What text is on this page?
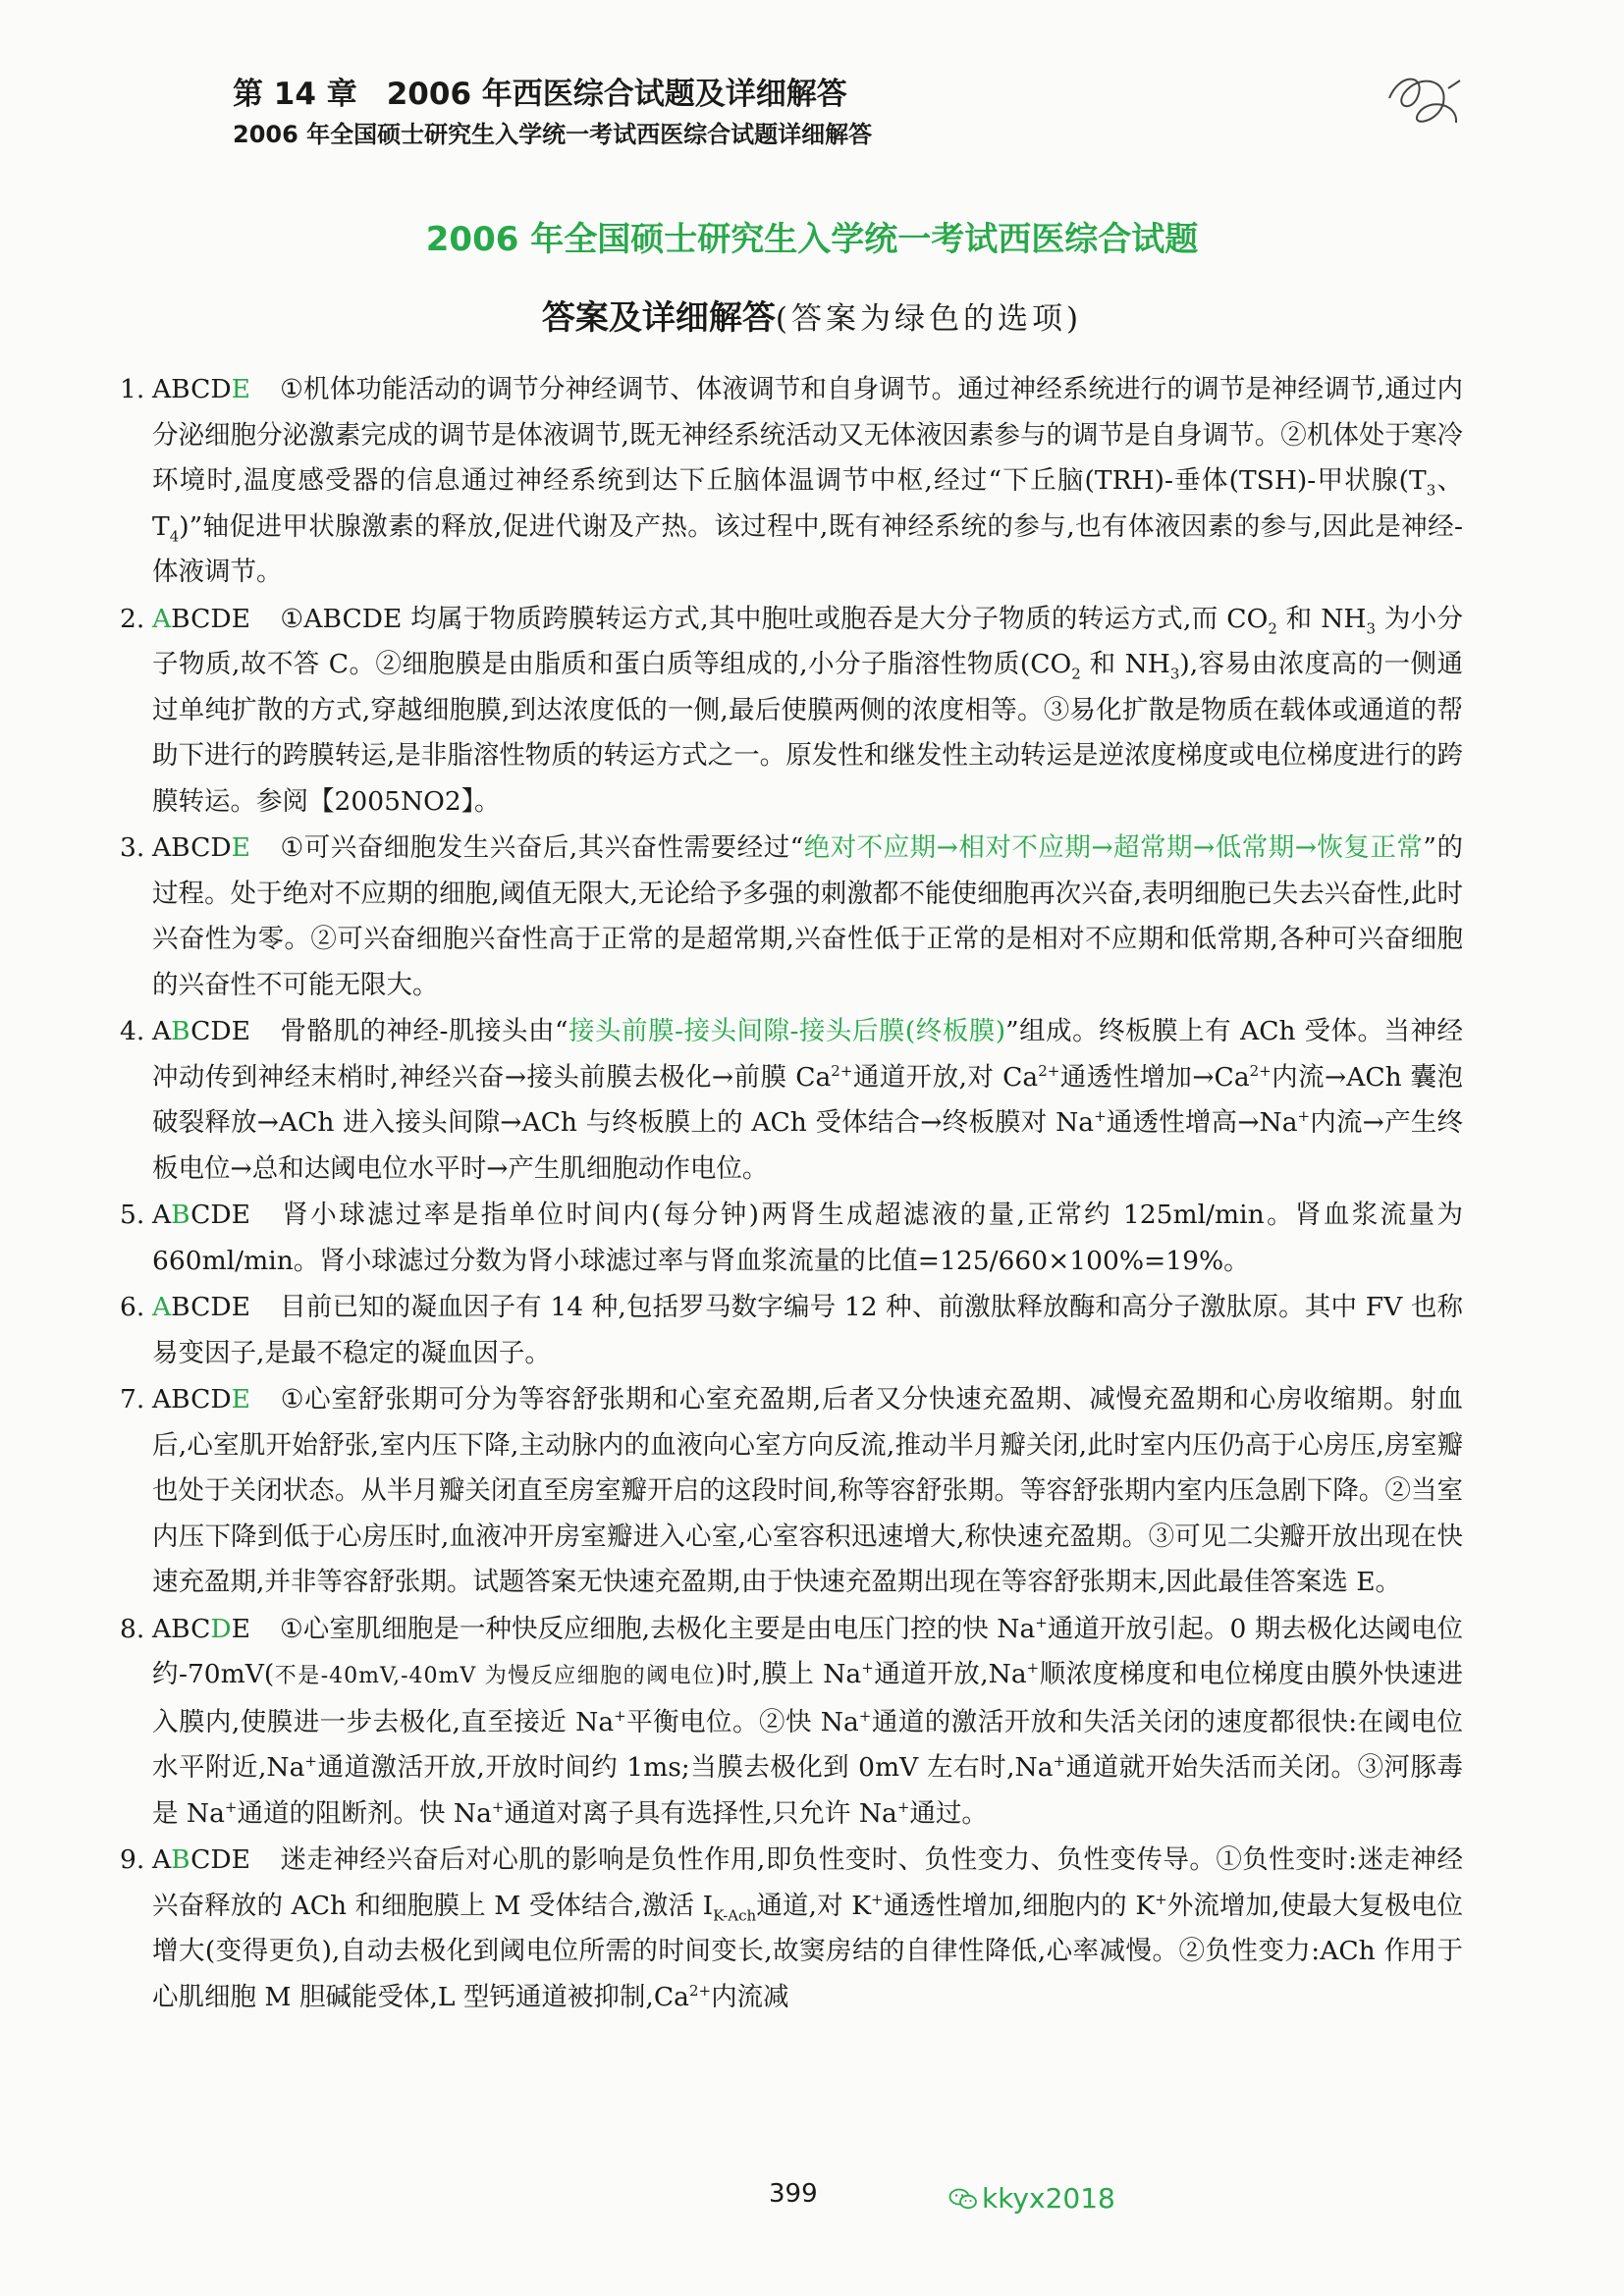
第 14 章 2006 年西医综合试题及详细解答
2006 年全国硕士研究生入学统一考试西医综合试题详细解答
2006 年全国硕士研究生入学统一考试西医综合试题
答案及详细解答(答案为绿色的选项)
1. ABCDE ①机体功能活动的调节分神经调节、体液调节和自身调节。通过神经系统进行的调节是神经调节,通过内分泌细胞分泌激素完成的调节是体液调节,既无神经系统活动又无体液因素参与的调节是自身调节。②机体处于寒冷环境时,温度感受器的信息通过神经系统到达下丘脑体温调节中枢,经过“下丘脑(TRH)-垂体(TSH)-甲状腺($T_3$、$T_4$)”轴促进甲状腺激素的释放,促进代谢及产热。该过程中,既有神经系统的参与,也有体液因素的参与,因此是神经-体液调节。
2. ABCDE ①ABCDE 均属于物质跨膜转运方式,其中胞吐或胞吞是大分子物质的转运方式,而 $CO_2$ 和 $NH_3$ 为小分子物质,故不答 C。②细胞膜是由脂质和蛋白质等组成的,小分子脂溶性物质($CO_2$ 和 $NH_3$),容易由浓度高的一侧通过单纯扩散的方式,穿越细胞膜,到达浓度低的一侧,最后使膜两侧的浓度相等。③易化扩散是物质在载体或通道的帮助下进行的跨膜转运,是非脂溶性物质的转运方式之一。原发性和继发性主动转运是逆浓度梯度或电位梯度进行的跨膜转运。参阅【2005NO2】。
3. ABCDE ①可兴奋细胞发生兴奋后,其兴奋性需要经过“绝对不应期→相对不应期→超常期→低常期→恢复正常”的过程。处于绝对不应期的细胞,阈值无限大,无论给予多强的刺激都不能使细胞再次兴奋,表明细胞已失去兴奋性,此时兴奋性为零。②可兴奋细胞兴奋性高于正常的是超常期,兴奋性低于正常的是相对不应期和低常期,各种可兴奋细胞的兴奋性不可能无限大。
4. ABCDE 骨骼肌的神经-肌接头由“接头前膜-接头间隙-接头后膜(终板膜)”组成。终板膜上有 ACh 受体。当神经冲动传到神经末梢时,神经兴奋→接头前膜去极化→前膜 $Ca^{2+}$通道开放,对 $Ca^{2+}$通透性增加$\to Ca^{2+}$内流→ACh 囊泡破裂释放→ACh 进入接头间隙→ACh 与终板膜上的 ACh 受体结合→终板膜对 Na+通透性增高→Na+内流→产生终板电位→总和达阈电位水平时→产生肌细胞动作电位。
5. ABCDE 肾小球滤过率是指单位时间内(每分钟)两肾生成超滤液的量,正常约 125ml/min。肾血浆流量为 660ml/min。肾小球滤过分数为肾小球滤过率与肾血浆流量的比值=125/660×100%=19%。
6. ABCDE 目前已知的凝血因子有 14 种,包括罗马数字编号 12 种、前激肽释放酶和高分子激肽原。其中 FV 也称易变因子,是最不稳定的凝血因子。
7. ABCDE ①心室舒张期可分为等容舒张期和心室充盈期,后者又分快速充盈期、减慢充盈期和心房收缩期。射血后,心室肌开始舒张,室内压下降,主动脉内的血液向心室方向反流,推动半月瓣关闭,此时室内压仍高于心房压,房室瓣也处于关闭状态。从半月瓣关闭直至房室瓣开启的这段时间,称等容舒张期。等容舒张期内室内压急剧下降。②当室内压下降到低于心房压时,血液冲开房室瓣进入心室,心室容积迅速增大,称快速充盈期。③可见二尖瓣开放出现在快速充盈期,并非等容舒张期。试题答案无快速充盈期,由于快速充盈期出现在等容舒张期末,因此最佳答案选 E。
8. ABCDE ①心室肌细胞是一种快反应细胞,去极化主要是由电压门控的快 Na+通道开放引起。0 期去极化达阈电位约-70mV(不是-40mV,-40mV 为慢反应细胞的阈电位)时,膜上 Na+通道开放,Na+顺浓度梯度和电位梯度由膜外快速进入膜内,使膜进一步去极化,直至接近 Na+平衡电位。②快 Na+通道的激活开放和失活关闭的速度都很快:在阈电位水平附近,Na+通道激活开放,开放时间约 1ms;当膜去极化到 0mV 左右时,Na+通道就开始失活而关闭。③河豚毒是 Na+通道的阻断剂。快 Na+通道对离子具有选择性,只允许 Na+通过。
9. ABCDE 迷走神经兴奋后对心肌的影响是负性作用,即负性变时、负性变力、负性变传导。①负性变时:迷走神经兴奋释放的 ACh 和细胞膜上 M 受体结合,激活 $I_{K-Ach}$通道,对 K+通透性增加,细胞内的 K+外流增加,使最大复极电位增大(变得更负),自动去极化到阈电位所需的时间变长,故窦房结的自律性降低,心率减慢。②负性变力:ACh 作用于心肌细胞 M 胆碱能受体,L 型钙通道被抑制$,Ca^{2+}$内流减
399	kkyx2018
